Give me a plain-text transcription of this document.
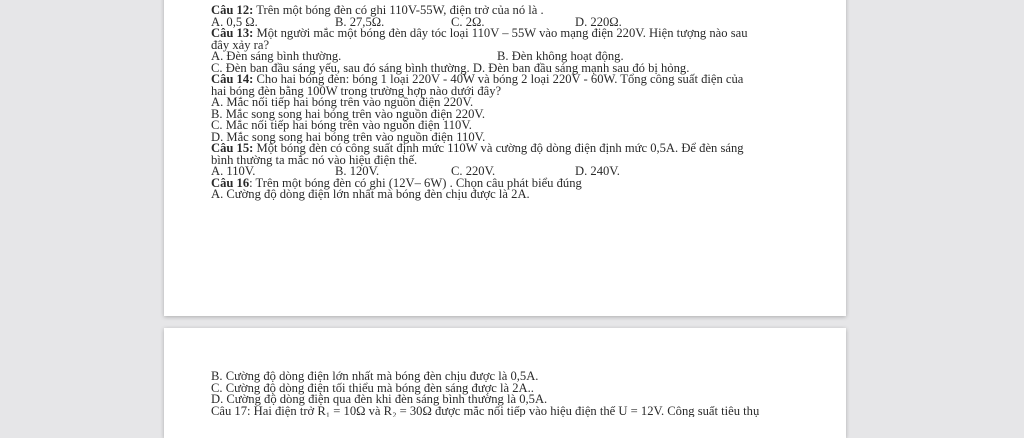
Câu 12: Trên một bóng đèn có ghi 110V-55W, điện trở của nó là .
A. 0,5 Ω.	B. 27,5Ω.	C. 2Ω.	D. 220Ω.
Câu 13: Một người mắc một bóng đèn dây tóc loại 110V – 55W vào mạng điện 220V. Hiện tượng nào sau
đây xảy ra?
A. Đèn sáng bình thường.	B. Đèn không hoạt động.
C. Đèn ban đầu sáng yếu, sau đó sáng bình thường.
D. Đèn ban đầu sáng mạnh sau đó bị hỏng.
Câu 14: Cho hai bóng đèn: bóng 1 loại 220V - 40W và bóng 2 loại 220V - 60W. Tổng công suất điện của
hai bóng đèn bằng 100W trong trường hợp nào dưới đây?
A. Mắc nối tiếp hai bóng trên vào nguồn điện 220V.
B. Mắc song song hai bóng trên vào nguồn điện 220V.
C. Mắc nối tiếp hai bóng trên vào nguồn điện 110V.
D. Mắc song song hai bóng trên vào nguồn điện 110V.
Câu 15: Một bóng đèn có công suất định mức 110W và cường độ dòng điện định mức 0,5A. Để đèn sáng
bình thường ta mắc nó vào hiệu điện thế.
A. 110V.	B. 120V.	C. 220V.	D. 240V.
Câu 16: Trên một bóng đèn có ghi (12V– 6W) . Chọn câu phát biểu đúng
A. Cường độ dòng điện lớn nhất mà bóng đèn chịu được là 2A.
B. Cường độ dòng điện lớn nhất mà bóng đèn chịu được là 0,5A.
C. Cường độ dòng điện tối thiểu mà bóng đèn sáng được là 2A..
D. Cường độ dòng điện qua đèn khi đèn sáng bình thường là 0,5A.
Câu 17: Hai điện trở R₁ = 10Ω và R₂ = 30Ω được mắc nối tiếp vào hiệu điện thế U = 12V. Công suất tiêu thụ
